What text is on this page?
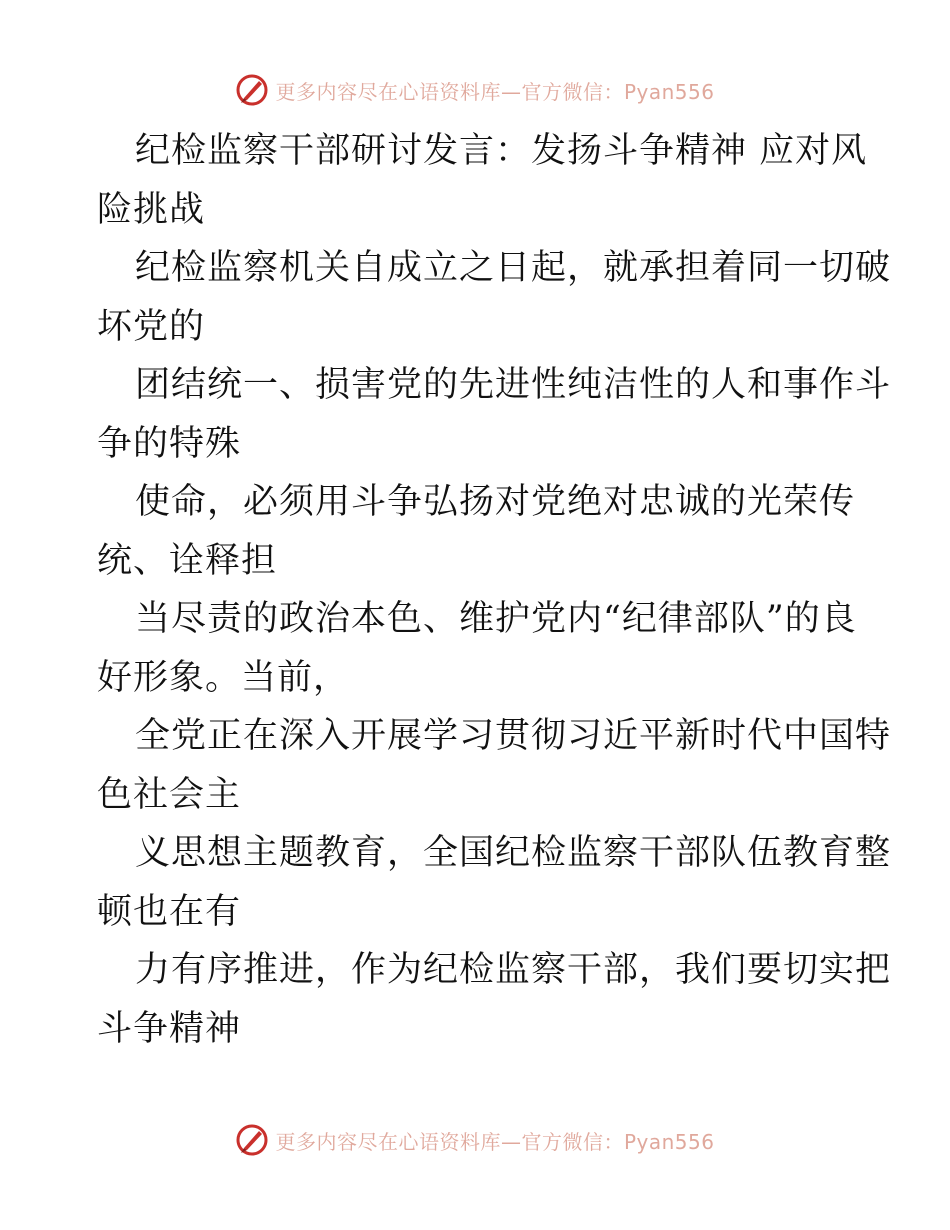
更多内容尽在心语资料库—官方微信：Pyan556
纪检监察干部研讨发言：发扬斗争精神 应对风
险挑战
纪检监察机关自成立之日起，就承担着同一切破
坏党的
团结统一、损害党的先进性纯洁性的人和事作斗
争的特殊
使命，必须用斗争弘扬对党绝对忠诚的光荣传
统、诠释担
当尽责的政治本色、维护党内“纪律部队”的良
好形象。当前，
全党正在深入开展学习贯彻习近平新时代中国特
色社会主
义思想主题教育，全国纪检监察干部队伍教育整
顿也在有
力有序推进，作为纪检监察干部，我们要切实把
斗争精神
更多内容尽在心语资料库—官方微信：Pyan556
